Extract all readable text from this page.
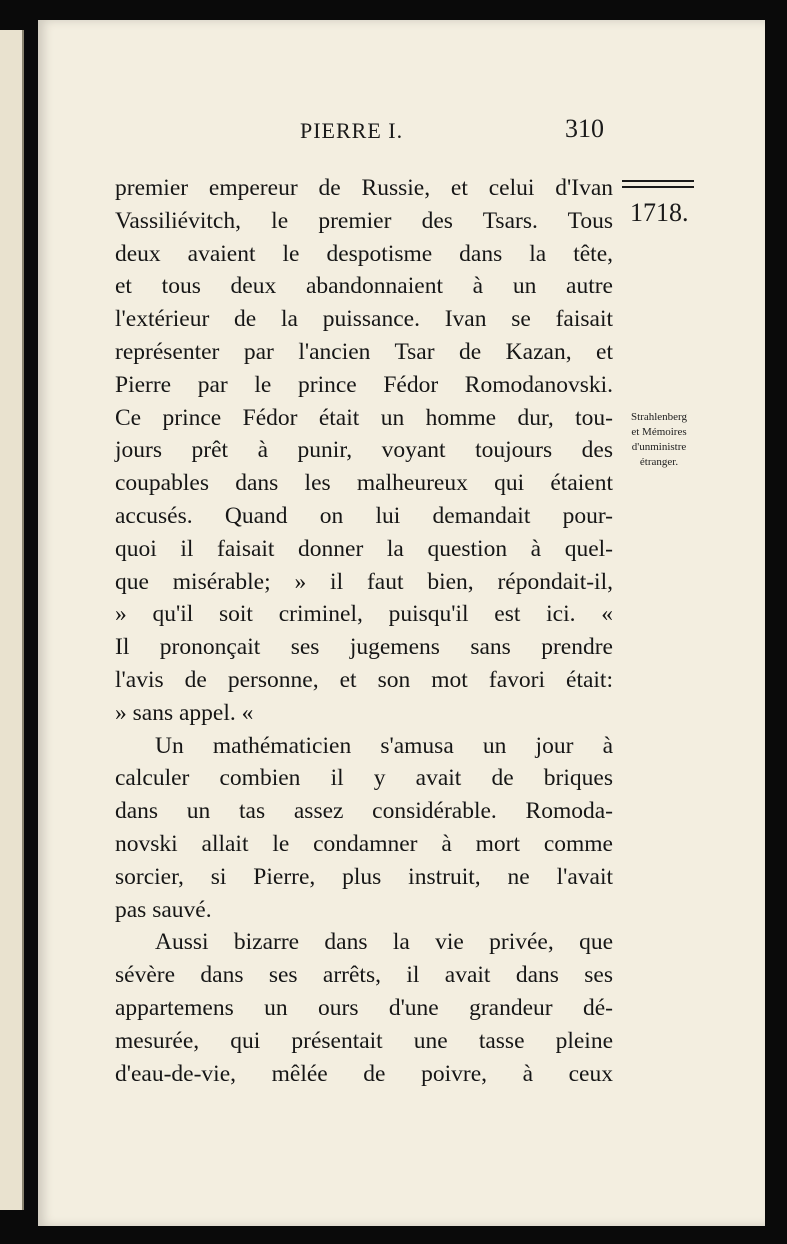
PIERRE I.	310
1718.
Strahlenberg
et Mémoires
d'unministre
étranger.
premier empereur de Russie, et celui d'Ivan
Vassiliévitch, le premier des Tsars. Tous
deux avaient le despotisme dans la tête,
et tous deux abandonnaient à un autre
l'extérieur de la puissance. Ivan se faisait
représenter par l'ancien Tsar de Kazan, et
Pierre par le prince Fédor Romodanovski.
Ce prince Fédor était un homme dur, tou-
jours prêt à punir, voyant toujours des
coupables dans les malheureux qui étaient
accusés. Quand on lui demandait pour-
quoi il faisait donner la question à quel-
que misérable; » il faut bien, répondait-il,
» qu'il soit criminel, puisqu'il est ici. «
Il prononçait ses jugemens sans prendre
l'avis de personne, et son mot favori était:
» sans appel. «
Un mathématicien s'amusa un jour à
calculer combien il y avait de briques
dans un tas assez considérable. Romoda-
novski allait le condamner à mort comme
sorcier, si Pierre, plus instruit, ne l'avait
pas sauvé.
Aussi bizarre dans la vie privée, que
sévère dans ses arrêts, il avait dans ses
appartemens un ours d'une grandeur dé-
mesurée, qui présentait une tasse pleine
d'eau-de-vie, mêlée de poivre, à ceux
